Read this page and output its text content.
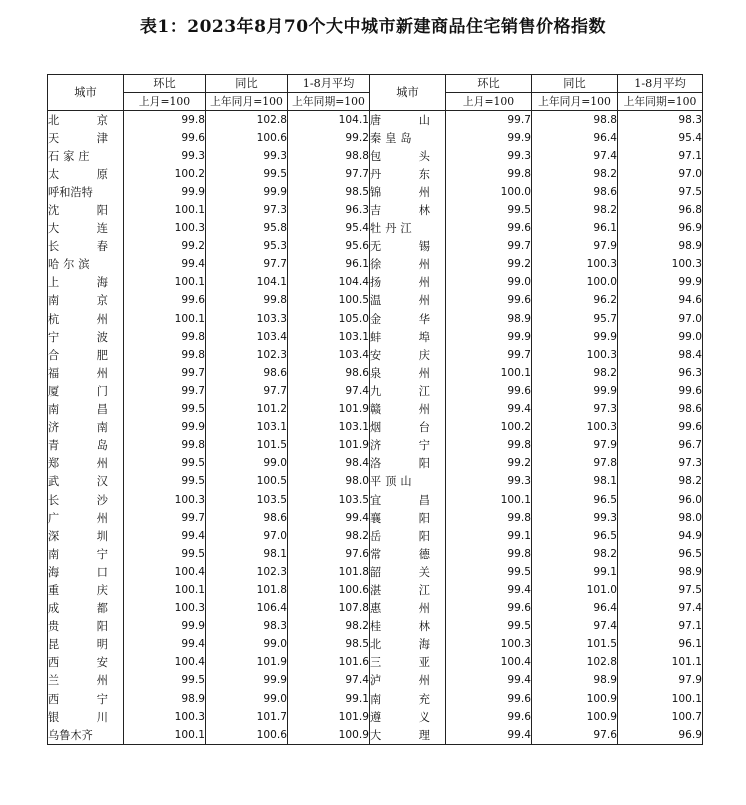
表1：2023年8月70个大中城市新建商品住宅销售价格指数
城市	环比	同比	1-8月平均	城市	环比	同比	1-8月平均
	上月=100	上年同月=100	上年同期=100		上月=100	上年同月=100	上年同期=100

北　京	99.8	102.8	104.1	唐　山	99.7	98.8	98.3

天　津	99.6	100.6	99.2	秦皇岛	99.9	96.4	95.4

石家庄	99.3	99.3	98.8	包　头	99.3	97.4	97.1

太　原	100.2	99.5	97.7	丹　东	99.8	98.2	97.0

呼和浩特	99.9	99.9	98.5	锦　州	100.0	98.6	97.5

沈　阳	100.1	97.3	96.3	吉　林	99.5	98.2	96.8

大　连	100.3	95.8	95.4	牡丹江	99.6	96.1	96.9

长　春	99.2	95.3	95.6	无　锡	99.7	97.9	98.9

哈尔滨	99.4	97.7	96.1	徐　州	99.2	100.3	100.3

上　海	100.1	104.1	104.4	扬　州	99.0	100.0	99.9

南　京	99.6	99.8	100.5	温　州	99.6	96.2	94.6

杭　州	100.1	103.3	105.0	金　华	98.9	95.7	97.0

宁　波	99.8	103.4	103.1	蚌　埠	99.9	99.9	99.0

合　肥	99.8	102.3	103.4	安　庆	99.7	100.3	98.4

福　州	99.7	98.6	98.6	泉　州	100.1	98.2	96.3

厦　门	99.7	97.7	97.4	九　江	99.6	99.9	99.6

南　昌	99.5	101.2	101.9	赣　州	99.4	97.3	98.6

济　南	99.9	103.1	103.1	烟　台	100.2	100.3	99.6

青　岛	99.8	101.5	101.9	济　宁	99.8	97.9	96.7

郑　州	99.5	99.0	98.4	洛　阳	99.2	97.8	97.3

武　汉	99.5	100.5	98.0	平顶山	99.3	98.1	98.2

长　沙	100.3	103.5	103.5	宜　昌	100.1	96.5	96.0

广　州	99.7	98.6	99.4	襄　阳	99.8	99.3	98.0

深　圳	99.4	97.0	98.2	岳　阳	99.1	96.5	94.9

南　宁	99.5	98.1	97.6	常　德	99.8	98.2	96.5

海　口	100.4	102.3	101.8	韶　关	99.5	99.1	98.9

重　庆	100.1	101.8	100.6	湛　江	99.4	101.0	97.5

成　都	100.3	106.4	107.8	惠　州	99.6	96.4	97.4

贵　阳	99.9	98.3	98.2	桂　林	99.5	97.4	97.1

昆　明	99.4	99.0	98.5	北　海	100.3	101.5	96.1

西　安	100.4	101.9	101.6	三　亚	100.4	102.8	101.1

兰　州	99.5	99.9	97.4	泸　州	99.4	98.9	97.9

西　宁	98.9	99.0	99.1	南　充	99.6	100.9	100.1

银　川	100.3	101.7	101.9	遵　义	99.6	100.9	100.7

乌鲁木齐	100.1	100.6	100.9	大　理	99.4	97.6	96.9
